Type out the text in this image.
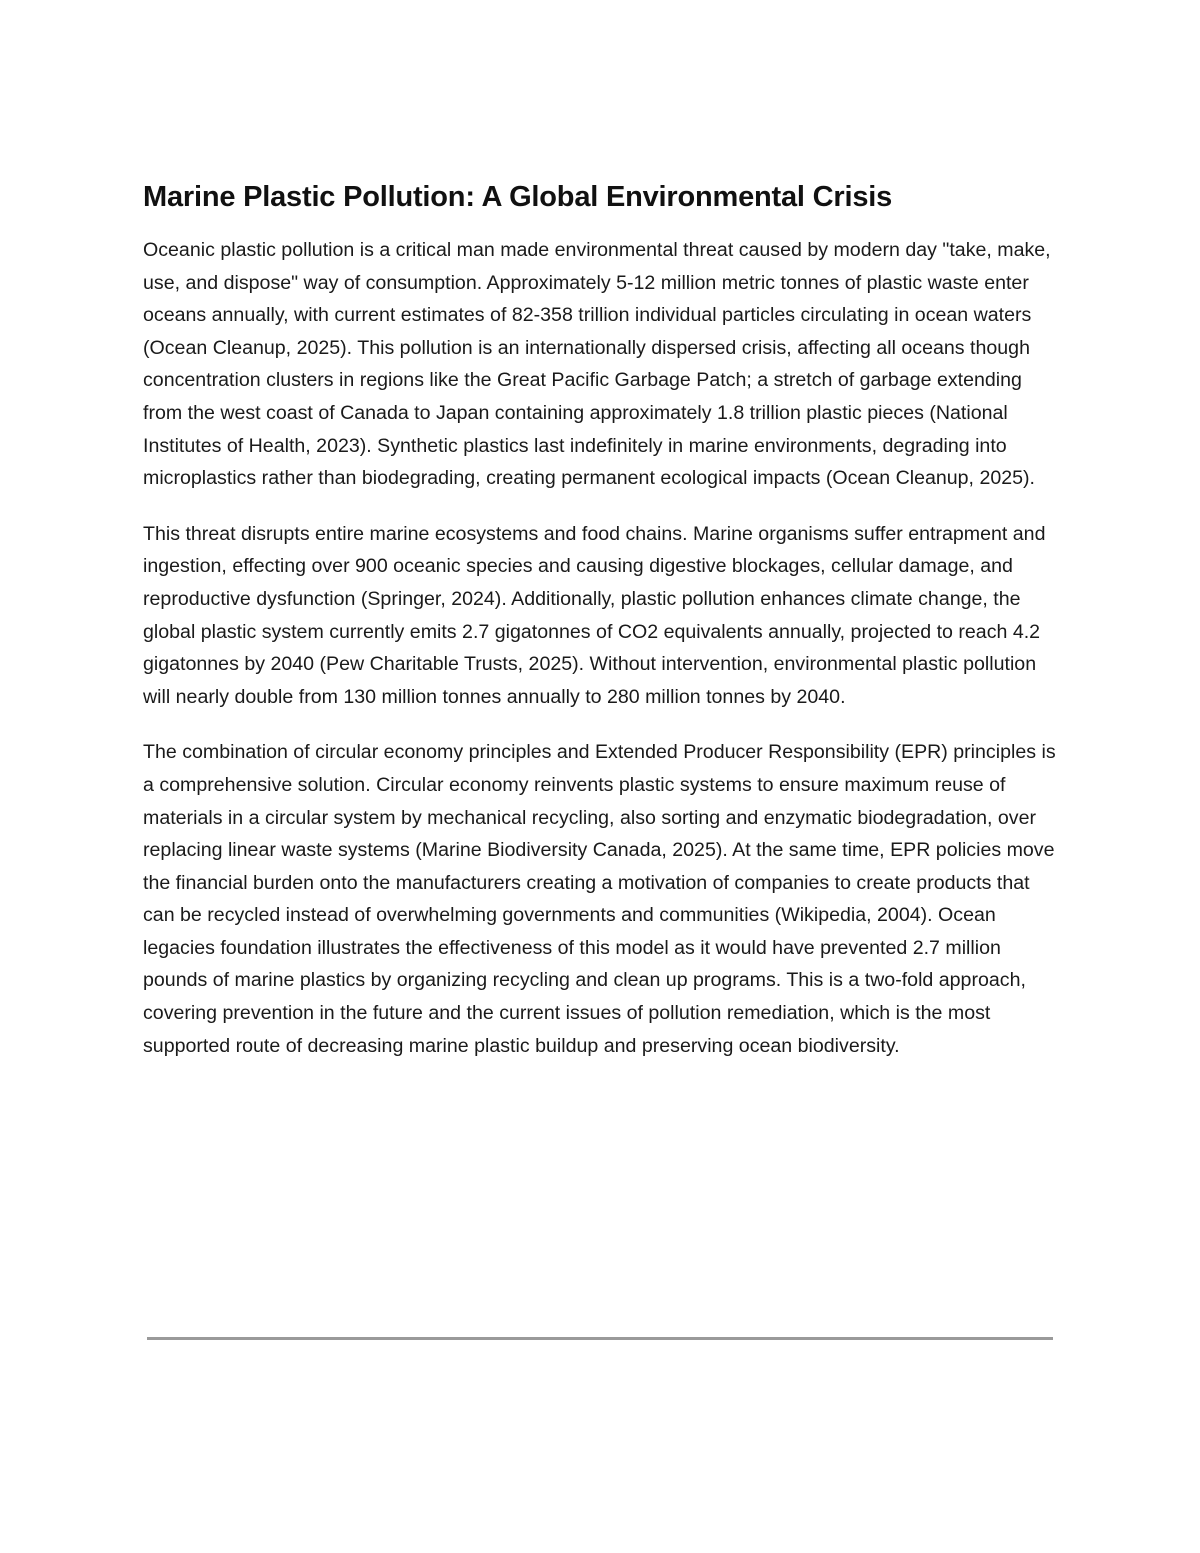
Marine Plastic Pollution: A Global Environmental Crisis

Oceanic plastic pollution is a critical man made environmental threat caused by modern day "take, make, use, and dispose" way of consumption. Approximately 5-12 million metric tonnes of plastic waste enter oceans annually, with current estimates of 82-358 trillion individual particles circulating in ocean waters (Ocean Cleanup, 2025). This pollution is an internationally dispersed crisis, affecting all oceans though concentration clusters in regions like the Great Pacific Garbage Patch; a stretch of garbage extending from the west coast of Canada to Japan containing approximately 1.8 trillion plastic pieces (National Institutes of Health, 2023). Synthetic plastics last indefinitely in marine environments, degrading into microplastics rather than biodegrading, creating permanent ecological impacts (Ocean Cleanup, 2025).

This threat disrupts entire marine ecosystems and food chains. Marine organisms suffer entrapment and ingestion, effecting over 900 oceanic species and causing digestive blockages, cellular damage, and reproductive dysfunction (Springer, 2024). Additionally, plastic pollution enhances climate change, the global plastic system currently emits 2.7 gigatonnes of CO2 equivalents annually, projected to reach 4.2 gigatonnes by 2040 (Pew Charitable Trusts, 2025). Without intervention, environmental plastic pollution will nearly double from 130 million tonnes annually to 280 million tonnes by 2040.

The combination of circular economy principles and Extended Producer Responsibility (EPR) principles is a comprehensive solution. Circular economy reinvents plastic systems to ensure maximum reuse of materials in a circular system by mechanical recycling, also sorting and enzymatic biodegradation, over replacing linear waste systems (Marine Biodiversity Canada, 2025). At the same time, EPR policies move the financial burden onto the manufacturers creating a motivation of companies to create products that can be recycled instead of overwhelming governments and communities (Wikipedia, 2004). Ocean legacies foundation illustrates the effectiveness of this model as it would have prevented 2.7 million pounds of marine plastics by organizing recycling and clean up programs. This is a two-fold approach, covering prevention in the future and the current issues of pollution remediation, which is the most supported route of decreasing marine plastic buildup and preserving ocean biodiversity.
